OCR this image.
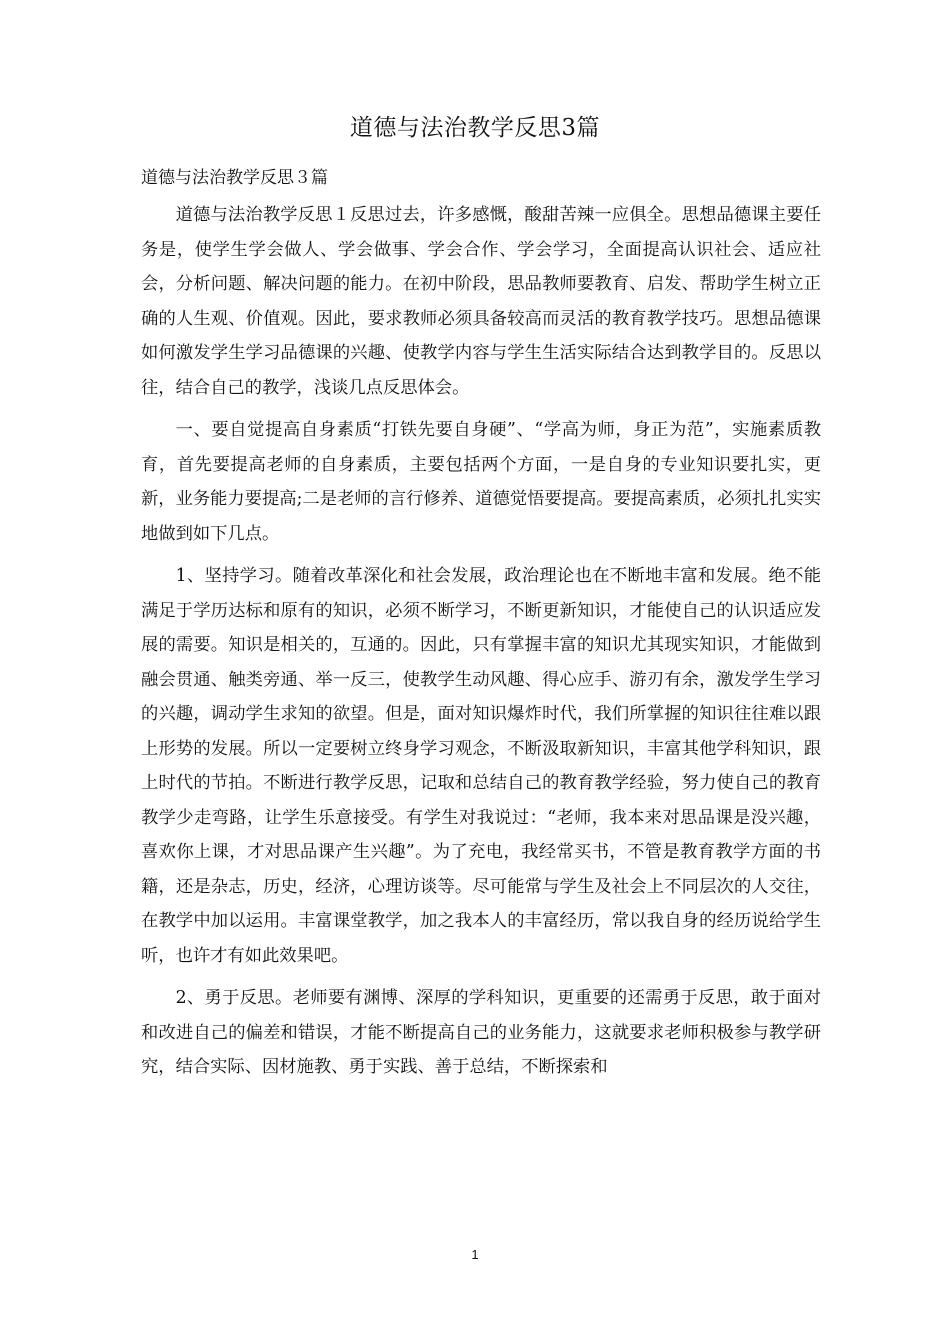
道德与法治教学反思3篇
道德与法治教学反思３篇

道德与法治教学反思１反思过去，许多感慨，酸甜苦辣一应俱全。思想品德课主要任务是，使学生学会做人、学会做事、学会合作、学会学习，全面提高认识社会、适应社会，分析问题、解决问题的能力。在初中阶段，思品教师要教育、启发、帮助学生树立正确的人生观、价值观。因此，要求教师必须具备较高而灵活的教育教学技巧。思想品德课如何激发学生学习品德课的兴趣、使教学内容与学生生活实际结合达到教学目的。反思以往，结合自己的教学，浅谈几点反思体会。

一、要自觉提高自身素质“打铁先要自身硬”、“学高为师，身正为范”，实施素质教育，首先要提高老师的自身素质，主要包括两个方面，一是自身的专业知识要扎实，更新，业务能力要提高;二是老师的言行修养、道德觉悟要提高。要提高素质，必须扎扎实实地做到如下几点。

1、坚持学习。随着改革深化和社会发展，政治理论也在不断地丰富和发展。绝不能满足于学历达标和原有的知识，必须不断学习，不断更新知识，才能使自己的认识适应发展的需要。知识是相关的，互通的。因此，只有掌握丰富的知识尤其现实知识，才能做到融会贯通、触类旁通、举一反三，使教学生动风趣、得心应手、游刃有余，激发学生学习的兴趣，调动学生求知的欲望。但是，面对知识爆炸时代，我们所掌握的知识往往难以跟上形势的发展。所以一定要树立终身学习观念，不断汲取新知识，丰富其他学科知识，跟上时代的节拍。不断进行教学反思，记取和总结自己的教育教学经验，努力使自己的教育教学少走弯路，让学生乐意接受。有学生对我说过：“老师，我本来对思品课是没兴趣，喜欢你上课，才对思品课产生兴趣”。为了充电，我经常买书，不管是教育教学方面的书籍，还是杂志，历史，经济，心理访谈等。尽可能常与学生及社会上不同层次的人交往，在教学中加以运用。丰富课堂教学，加之我本人的丰富经历，常以我自身的经历说给学生听，也许才有如此效果吧。

2、勇于反思。老师要有渊博、深厚的学科知识，更重要的还需勇于反思，敢于面对和改进自己的偏差和错误，才能不断提高自己的业务能力，这就要求老师积极参与教学研究，结合实际、因材施教、勇于实践、善于总结，不断探索和

1
